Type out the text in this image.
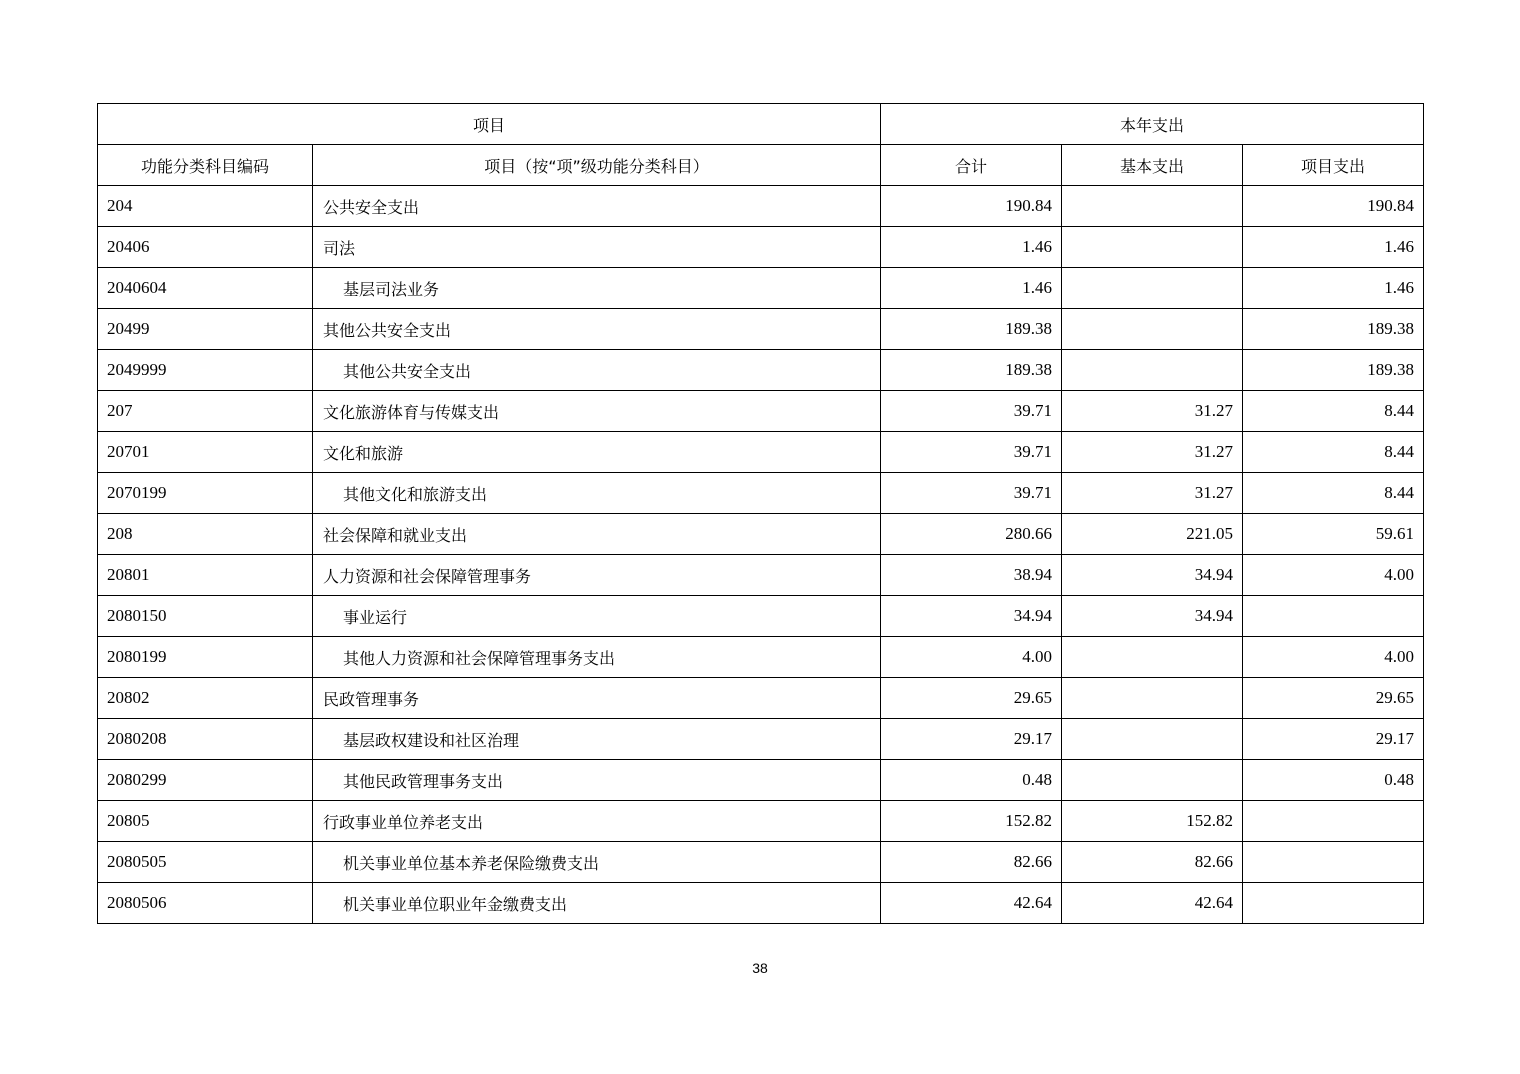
项目		本年支出		
功能分类科目编码	项目（按“项”级功能分类科目）	合计	基本支出	项目支出
204	公共安全支出	190.84		190.84
20406	司法	1.46		1.46
2040604	基层司法业务	1.46		1.46
20499	其他公共安全支出	189.38		189.38
2049999	其他公共安全支出	189.38		189.38
207	文化旅游体育与传媒支出	39.71	31.27	8.44
20701	文化和旅游	39.71	31.27	8.44
2070199	其他文化和旅游支出	39.71	31.27	8.44
208	社会保障和就业支出	280.66	221.05	59.61
20801	人力资源和社会保障管理事务	38.94	34.94	4.00
2080150	事业运行	34.94	34.94	
2080199	其他人力资源和社会保障管理事务支出	4.00		4.00
20802	民政管理事务	29.65		29.65
2080208	基层政权建设和社区治理	29.17		29.17
2080299	其他民政管理事务支出	0.48		0.48
20805	行政事业单位养老支出	152.82	152.82	
2080505	机关事业单位基本养老保险缴费支出	82.66	82.66	
2080506	机关事业单位职业年金缴费支出	42.64	42.64	
38
